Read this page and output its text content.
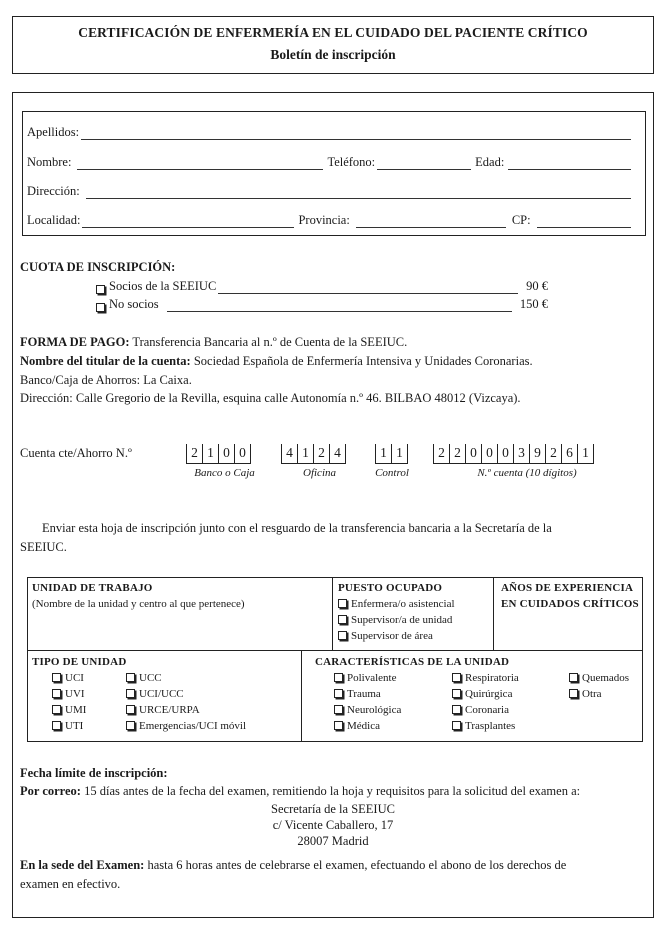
CERTIFICACIÓN DE ENFERMERÍA EN EL CUIDADO DEL PACIENTE CRÍTICO
Boletín de inscripción
Apellidos:
Nombre:	Teléfono:	Edad:
Dirección:
Localidad:	Provincia:	CP:
CUOTA DE INSCRIPCIÓN:
Socios de la SEEIUC	90 €
No socios	150 €
FORMA DE PAGO: Transferencia Bancaria al n.º de Cuenta de la SEEIUC.
Nombre del titular de la cuenta: Sociedad Española de Enfermería Intensiva y Unidades Coronarias.
Banco/Caja de Ahorros: La Caixa.
Dirección: Calle Gregorio de la Revilla, esquina calle Autonomía n.º 46. BILBAO 48012 (Vizcaya).
Cuenta cte/Ahorro N.º	2 1 0 0
Banco o Caja
4 1 2 4
Oficina
1 1
Control
2 2 0 0 0 3 9 2 6 1
N.º cuenta (10 dígitos)
Enviar esta hoja de inscripción junto con el resguardo de la transferencia bancaria a la Secretaría de la
SEEIUC.
UNIDAD DE TRABAJO
(Nombre de la unidad y centro al que pertenece)
PUESTO OCUPADO
Enfermera/o asistencial
Supervisor/a de unidad
Supervisor de área
AÑOS DE EXPERIENCIA
EN CUIDADOS CRÍTICOS
TIPO DE UNIDAD
UCI
UVI
UMI
UTI
UCC
UCI/UCC
URCE/URPA
Emergencias/UCI móvil
CARACTERÍSTICAS DE LA UNIDAD
Polivalente
Trauma
Neurológica
Médica
Respiratoria
Quirúrgica
Coronaria
Trasplantes
Quemados
Otra
Fecha límite de inscripción:
Por correo: 15 días antes de la fecha del examen, remitiendo la hoja y requisitos para la solicitud del examen a:
Secretaría de la SEEIUC
c/ Vicente Caballero, 17
28007 Madrid
En la sede del Examen: hasta 6 horas antes de celebrarse el examen, efectuando el abono de los derechos de
examen en efectivo.
